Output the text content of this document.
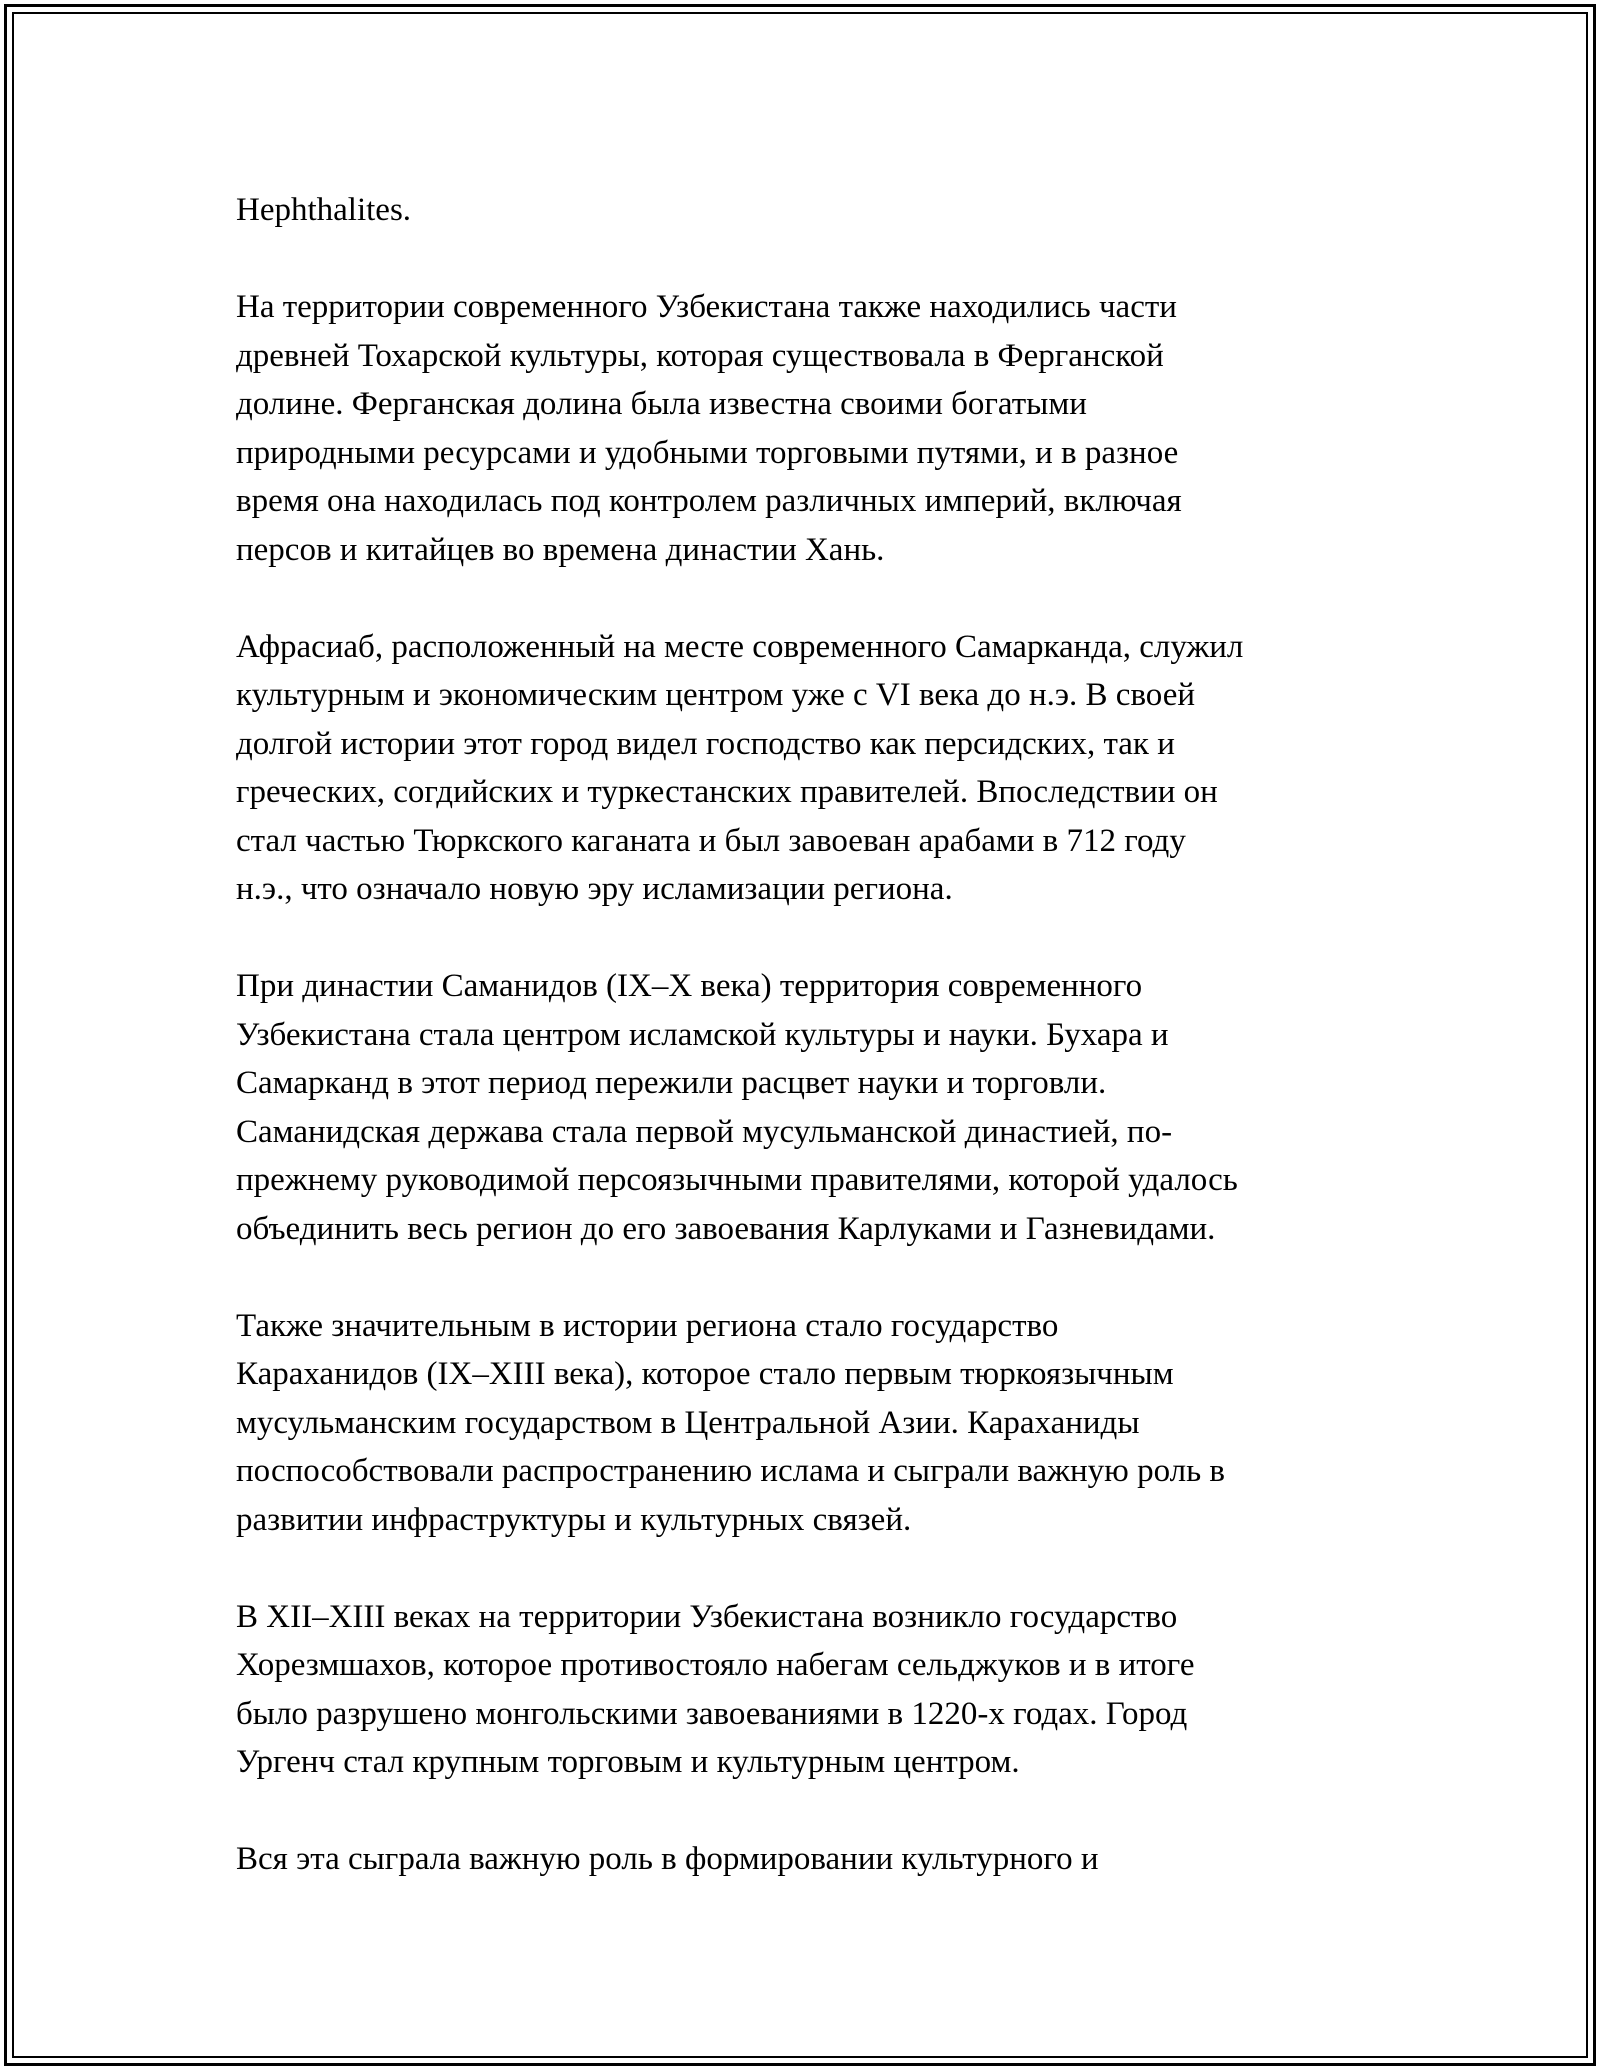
Hephthalites.

На территории современного Узбекистана также находились части
древней Тохарской культуры, которая существовала в Ферганской
долине. Ферганская долина была известна своими богатыми
природными ресурсами и удобными торговыми путями, и в разное
время она находилась под контролем различных империй, включая
персов и китайцев во времена династии Хань.

Афрасиаб, расположенный на месте современного Самарканда, служил
культурным и экономическим центром уже с VI века до н.э. В своей
долгой истории этот город видел господство как персидских, так и
греческих, согдийских и туркестанских правителей. Впоследствии он
стал частью Тюркского каганата и был завоеван арабами в 712 году
н.э., что означало новую эру исламизации региона.

При династии Саманидов (IX–X века) территория современного
Узбекистана стала центром исламской культуры и науки. Бухара и
Самарканд в этот период пережили расцвет науки и торговли.
Саманидская держава стала первой мусульманской династией, по-
прежнему руководимой персоязычными правителями, которой удалось
объединить весь регион до его завоевания Карлуками и Газневидами.

Также значительным в истории региона стало государство
Караханидов (IX–XIII века), которое стало первым тюркоязычным
мусульманским государством в Центральной Азии. Караханиды
поспособствовали распространению ислама и сыграли важную роль в
развитии инфраструктуры и культурных связей.

В XII–XIII веках на территории Узбекистана возникло государство
Хорезмшахов, которое противостояло набегам сельджуков и в итоге
было разрушено монгольскими завоеваниями в 1220-х годах. Город
Ургенч стал крупным торговым и культурным центром.

Вся эта сыграла важную роль в формировании культурного и
